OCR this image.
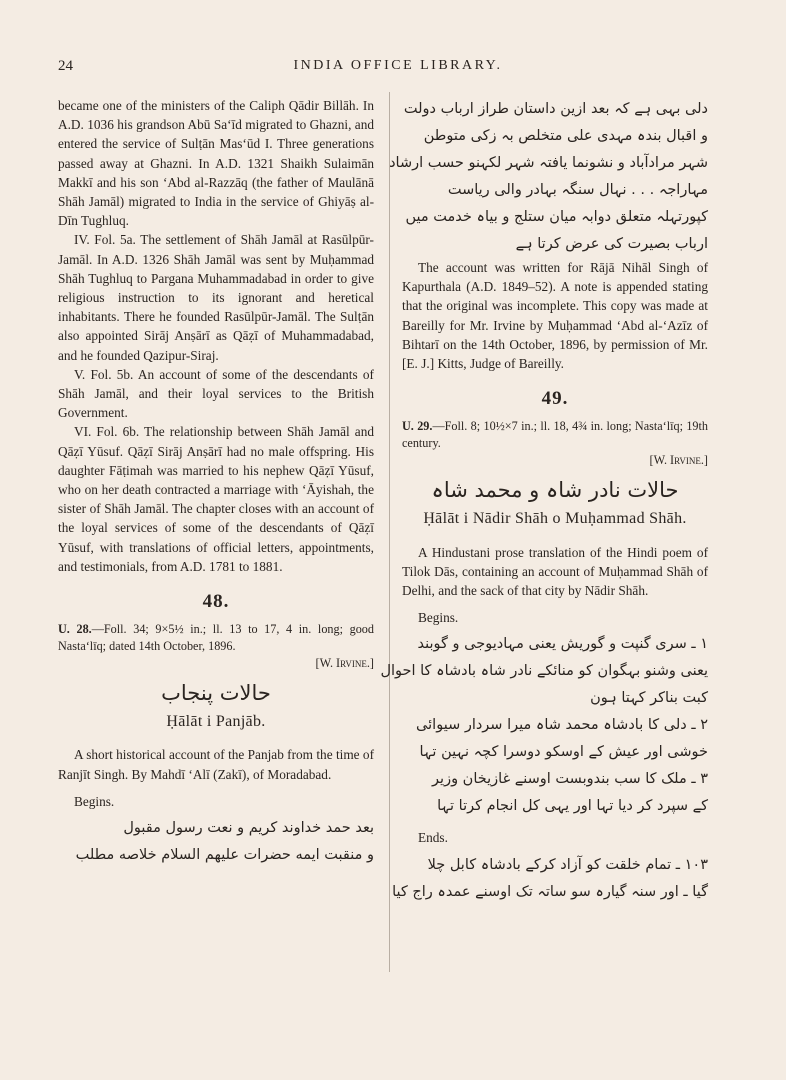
24	INDIA OFFICE LIBRARY.

became one of the ministers of the Caliph Qādir Billāh. In A.D. 1036 his grandson Abū Sa‘īd migrated to Ghazni, and entered the service of Sulṭān Mas‘ūd I. Three generations passed away at Ghazni. In A.D. 1321 Shaikh Sulaimān Makkī and his son ‘Abd al-Razzāq (the father of Maulānā Shāh Jamāl) migrated to India in the service of Ghiyāṣ al-Dīn Tughluq.

IV. Fol. 5a. The settlement of Shāh Jamāl at Rasūlpūr-Jamāl. In A.D. 1326 Shāh Jamāl was sent by Muḥammad Shāh Tughluq to Pargana Muhammadabad in order to give religious instruction to its ignorant and heretical inhabitants. There he founded Rasūlpūr-Jamāl. The Sulṭān also appointed Sirāj Anṣārī as Qāẓī of Muhammadabad, and he founded Qazipur-Siraj.

V. Fol. 5b. An account of some of the descendants of Shāh Jamāl, and their loyal services to the British Government.

VI. Fol. 6b. The relationship between Shāh Jamāl and Qāẓī Yūsuf. Qāẓī Sirāj Anṣārī had no male offspring. His daughter Fāṭimah was married to his nephew Qāẓī Yūsuf, who on her death contracted a marriage with ‘Āyishah, the sister of Shāh Jamāl. The chapter closes with an account of the loyal services of some of the descendants of Qāẓī Yūsuf, with translations of official letters, appointments, and testimonials, from A.D. 1781 to 1881.

48.

U. 28.—Foll. 34; 9×5½ in.; ll. 13 to 17, 4 in. long; good Nasta‘līq; dated 14th October, 1896.

[W. Irvine.]
حالات پنجاب
Ḥālāt i Panjāb.

A short historical account of the Panjab from the time of Ranjīt Singh. By Mahdī ‘Alī (Zakī), of Moradabad.

Begins.
بعد حمد خداوند کریم و نعت رسول مقبول
و منقبت ایمه حضرات علیهم السلام خلاصه مطلب
دلی بہی ہے کہ بعد ازین داستان طراز ارباب دولت
و اقبال بندہ مہدی علی متخلص بہ زکی متوطن
شہر مرادآباد و نشونما یافتہ شہر لکہنو حسب ارشاد
مہاراجہ . . . نہال سنگہ بہادر والی ریاست
کپورتہلہ متعلق دوابہ میان ستلج و بیاہ خدمت میں
ارباب بصیرت کی عرض کرتا ہے

The account was written for Rājā Nihāl Singh of Kapurthala (A.D. 1849–52). A note is appended stating that the original was incomplete. This copy was made at Bareilly for Mr. Irvine by Muḥammad ‘Abd al-‘Azīz of Bihtarī on the 14th October, 1896, by permission of Mr. [E. J.] Kitts, Judge of Bareilly.

49.

U. 29.—Foll. 8; 10½×7 in.; ll. 18, 4¾ in. long; Nasta‘līq; 19th century.

[W. Irvine.]
حالات نادر شاہ و محمد شاہ
Ḥālāt i Nādir Shāh o Muḥammad Shāh.

A Hindustani prose translation of the Hindi poem of Tilok Dās, containing an account of Muḥammad Shāh of Delhi, and the sack of that city by Nādir Shāh.

Begins.
۱ ـ سری گنپت و گوریش یعنی مہادیوجی و گوبند
یعنی وشنو بہگوان کو منائکے نادر شاہ بادشاہ کا احوال
کبت بناکر کہتا ہون
۲ ـ دلی کا بادشاہ محمد شاہ میرا سردار سیوائی
خوشی اور عیش کے اوسکو دوسرا کچہ نہین تہا
۳ ـ ملک کا سب بندوبست اوسنے غازیخان وزیر
کے سپرد کر دیا تہا اور یہی کل انجام کرتا تہا
Ends.
۱۰۳ ـ تمام خلقت کو آزاد کرکے بادشاہ کابل چلا
گیا ـ اور سنہ گیارہ سو ساتہ تک اوسنے عمدہ راج کیا
